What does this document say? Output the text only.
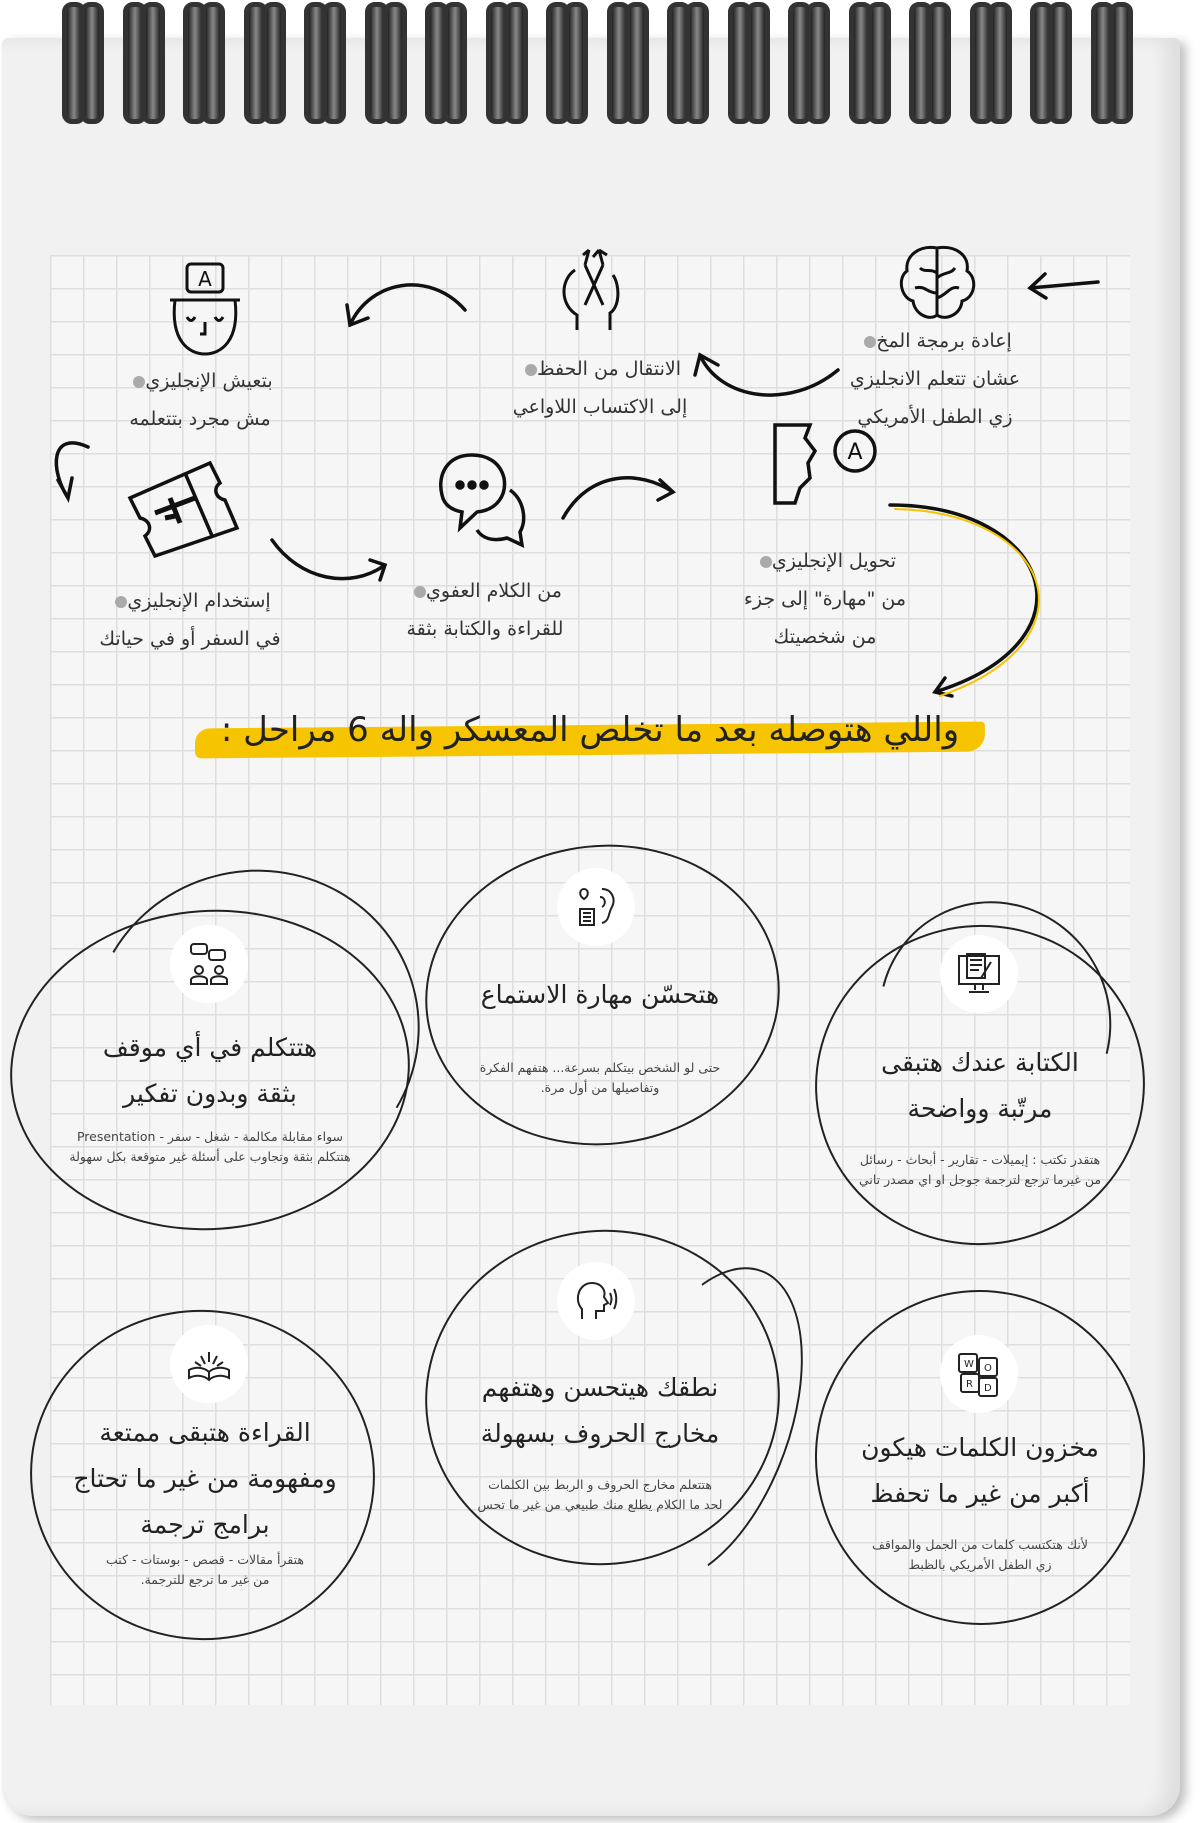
A
A
إعادة برمجة المخ
عشان تتعلم الانجليزي
زي الطفل الأمريكي
الانتقال من الحفظ
إلى الاكتساب اللاواعي
بتعيش الإنجليزي
مش مجرد بتتعلمه
تحويل الإنجليزي
من "مهارة" إلى جزء
من شخصيتك
من الكلام العفوي
للقراءة والكتابة بثقة
إستخدام الإنجليزي
في السفر أو في حياتك
واللي هتوصله بعد ما تخلص المعسكر واله 6 مراحل :
W O
R D
هتتكلم في أي موقف
بثقة وبدون تفكير
سواء مقابلة مكالمة - شغل - سفر - Presentation
هتتكلم بثقة وتجاوب على أسئلة غير متوقعة بكل سهولة
هتحسّن مهارة الاستماع
حتى لو الشخص بيتكلم بسرعة... هتفهم الفكرة
وتفاصيلها من أول مرة.
الكتابة عندك هتبقى
مرتّبة وواضحة
هتقدر تكتب : إيميلات - تقارير - أبحاث - رسائل
من غيرما ترجع لترجمة جوجل او اي مصدر تاني
القراءة هتبقى ممتعة
ومفهومة من غير ما تحتاج
برامج ترجمة
هتقرأ مقالات - قصص - بوستات - كتب
من غير ما ترجع للترجمة.
نطقك هيتحسن وهتفهم
مخارج الحروف بسهولة
هتتعلم مخارج الحروف و الربط بين الكلمات
لحد ما الكلام يطلع منك طبيعي من غير ما تحس
مخزون الكلمات هيكون
أكبر من غير ما تحفظ
لأنك هتكتسب كلمات من الجمل والمواقف
زي الطفل الأمريكي بالظبط
